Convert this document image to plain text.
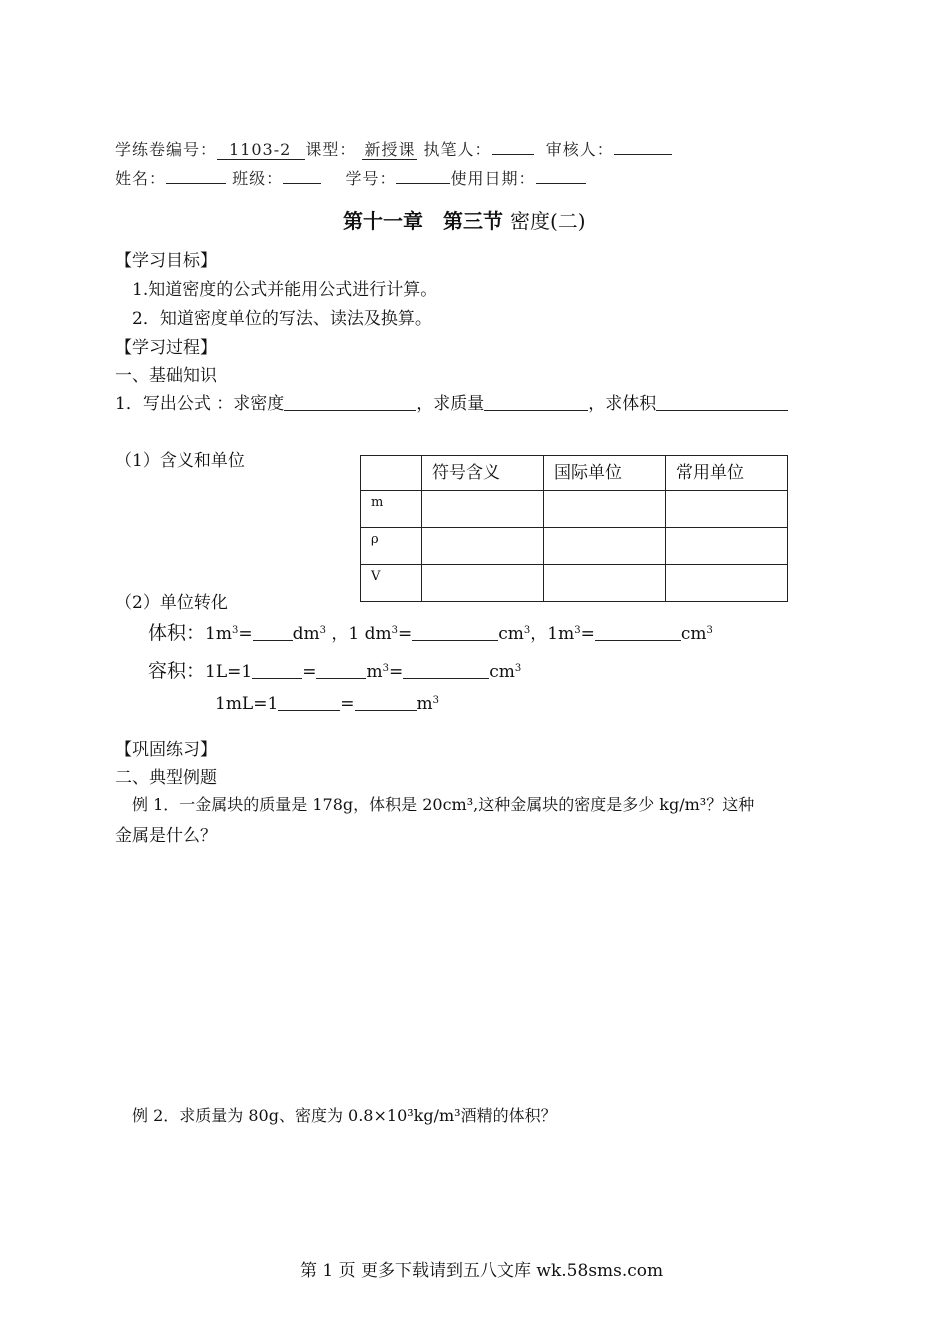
学练卷编号： 1103-2 课型： 新授课 执笔人：	审核人：
姓名：	班级：	学号：	使用日期：
第十一章　第三节 密度(二)
【学习目标】
1.知道密度的公式并能用公式进行计算。
2．知道密度单位的写法、读法及换算。
【学习过程】
一、基础知识
1．写出公式 ：求密度	，求质量	，求体积
（1）含义和单位
	符号含义	国际单位	常用单位
m			
ρ			
V			
（2）单位转化
体积：$1m^3= dm^3$ ，1 $dm^3=$	$cm^3$，$1m^3=$	$cm^3$
容积：1L=1	=	$m^3=$	$cm^3$
1mL=1	=	$m^3$
【巩固练习】
二、典型例题
例 1．一金属块的质量是 178g，体积是 20cm³,这种金属块的密度是多少 kg/m³？这种
金属是什么？
例 2．求质量为 80g、密度为 0.8×10³kg/m³酒精的体积？
第 1 页 更多下载请到五八文库 wk.58sms.com
